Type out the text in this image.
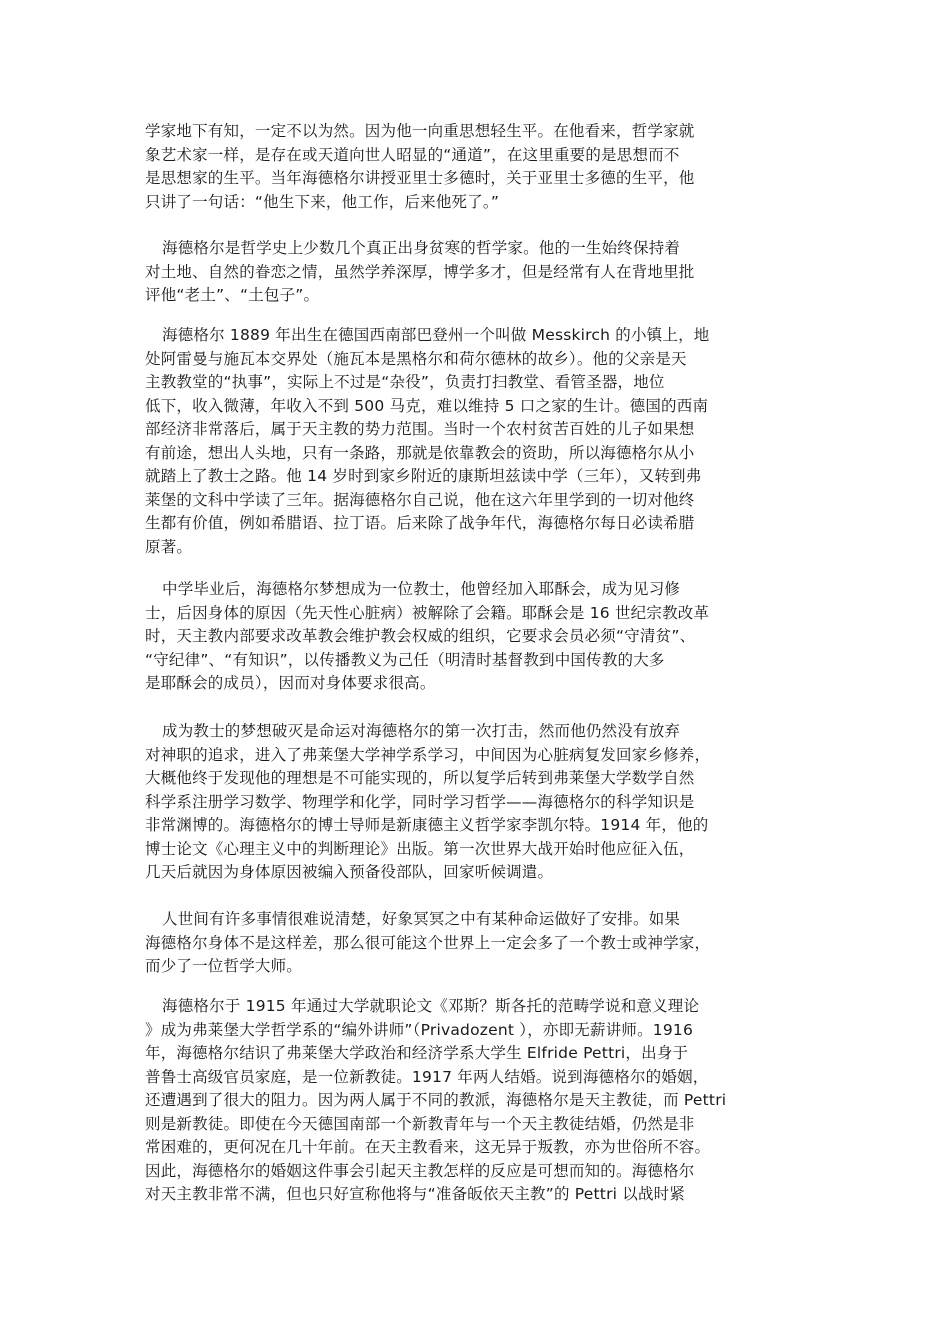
学家地下有知，一定不以为然。因为他一向重思想轻生平。在他看来，哲学家就
象艺术家一样，是存在或天道向世人昭显的“通道”，在这里重要的是思想而不
是思想家的生平。当年海德格尔讲授亚里士多德时，关于亚里士多德的生平，他
只讲了一句话：“他生下来，他工作，后来他死了。”
海德格尔是哲学史上少数几个真正出身贫寒的哲学家。他的一生始终保持着
对土地、自然的眷恋之情，虽然学养深厚，博学多才，但是经常有人在背地里批
评他“老土”、“土包子”。
海德格尔 1889 年出生在德国西南部巴登州一个叫做 Messkirch 的小镇上，地
处阿雷曼与施瓦本交界处（施瓦本是黑格尔和荷尔德林的故乡）。他的父亲是天
主教教堂的“执事”，实际上不过是“杂役”，负责打扫教堂、看管圣器，地位
低下，收入微薄，年收入不到 500 马克，难以维持 5 口之家的生计。德国的西南
部经济非常落后，属于天主教的势力范围。当时一个农村贫苦百姓的儿子如果想
有前途，想出人头地，只有一条路，那就是依靠教会的资助，所以海德格尔从小
就踏上了教士之路。他 14 岁时到家乡附近的康斯坦兹读中学（三年），又转到弗
莱堡的文科中学读了三年。据海德格尔自己说，他在这六年里学到的一切对他终
生都有价值，例如希腊语、拉丁语。后来除了战争年代，海德格尔每日必读希腊
原著。
中学毕业后，海德格尔梦想成为一位教士，他曾经加入耶酥会，成为见习修
士，后因身体的原因（先天性心脏病）被解除了会籍。耶酥会是 16 世纪宗教改革
时，天主教内部要求改革教会维护教会权威的组织，它要求会员必须“守清贫”、
“守纪律”、“有知识”，以传播教义为己任（明清时基督教到中国传教的大多
是耶酥会的成员），因而对身体要求很高。
成为教士的梦想破灭是命运对海德格尔的第一次打击，然而他仍然没有放弃
对神职的追求，进入了弗莱堡大学神学系学习，中间因为心脏病复发回家乡修养，
大概他终于发现他的理想是不可能实现的，所以复学后转到弗莱堡大学数学自然
科学系注册学习数学、物理学和化学，同时学习哲学——海德格尔的科学知识是
非常渊博的。海德格尔的博士导师是新康德主义哲学家李凯尔特。1914 年，他的
博士论文《心理主义中的判断理论》出版。第一次世界大战开始时他应征入伍，
几天后就因为身体原因被编入预备役部队，回家听候调遣。
人世间有许多事情很难说清楚，好象冥冥之中有某种命运做好了安排。如果
海德格尔身体不是这样差，那么很可能这个世界上一定会多了一个教士或神学家，
而少了一位哲学大师。
海德格尔于 1915 年通过大学就职论文《邓斯？斯各托的范畴学说和意义理论
》成为弗莱堡大学哲学系的“编外讲师”（Privadozent ），亦即无薪讲师。1916
年，海德格尔结识了弗莱堡大学政治和经济学系大学生 Elfride Pettri，出身于
普鲁士高级官员家庭，是一位新教徒。1917 年两人结婚。说到海德格尔的婚姻，
还遭遇到了很大的阻力。因为两人属于不同的教派，海德格尔是天主教徒，而 Pettri
则是新教徒。即使在今天德国南部一个新教青年与一个天主教徒结婚，仍然是非
常困难的，更何况在几十年前。在天主教看来，这无异于叛教，亦为世俗所不容。
因此，海德格尔的婚姻这件事会引起天主教怎样的反应是可想而知的。海德格尔
对天主教非常不满，但也只好宣称他将与“准备皈依天主教”的 Pettri 以战时紧
